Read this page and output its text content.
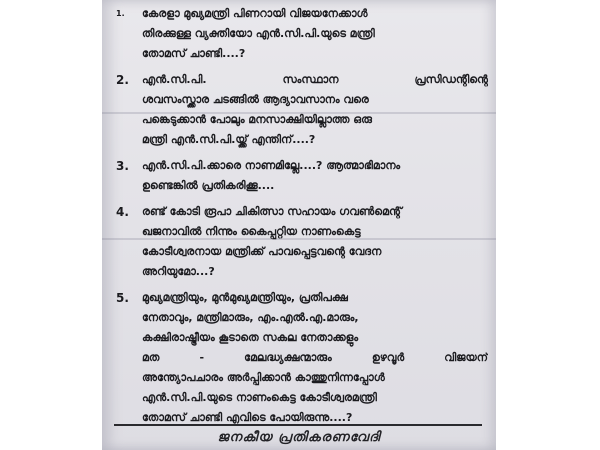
1.	കേരളാ മുഖ്യമന്ത്രി പിണറായി വിജയനേക്കാൾ
തിരക്കുള്ള വ്യക്തിയോ എൻ.സി.പി.യുടെ മന്ത്രി
തോമസ് ചാണ്ടി....?
2.	എൻ.സി.പി. സംസ്ഥാന പ്രസിഡന്റിന്റെ
ശവസംസ്ക്കാര ചടങ്ങിൽ ആദ്യാവസാനം വരെ
പങ്കെടുക്കാൻ പോലും മനസാക്ഷിയില്ലാത്ത ഒരു
മന്ത്രി എൻ.സി.പി.യ്ക്ക് എന്തിന്....?
3.	എൻ.സി.പി.ക്കാരെ നാണമില്ലേ....? ആത്മാഭിമാനം
ഉണ്ടെങ്കിൽ പ്രതികരിക്കൂ....
4.	രണ്ട് കോടി രൂപാ ചികിത്സാ സഹായം ഗവൺമെന്റ്
ഖജനാവിൽ നിന്നും കൈപ്പറ്റിയ നാണംകെട്ട
കോടീശ്വരനായ മന്ത്രിക്ക് പാവപ്പെട്ടവന്റെ വേദന
അറിയുമോ...?
5.	മുഖ്യമന്ത്രിയും, മുൻമുഖ്യമന്ത്രിയും, പ്രതിപക്ഷ
നേതാവും, മന്ത്രിമാരും, എം.എൽ.എ.മാരും,
കക്ഷിരാഷ്ട്രീയം കൂടാതെ സകല നേതാക്കളും
മത - മേലദ്ധ്യക്ഷന്മാരും ഉഴവൂർ വിജയന്
അന്ത്യോപചാരം അർപ്പിക്കാൻ കാത്തുനിന്നപ്പോൾ
എൻ.സി.പി.യുടെ നാണംകെട്ട കോടീശ്വരമന്ത്രി
തോമസ് ചാണ്ടി എവിടെ പോയിരുന്നു....?
ജനകീയ പ്രതികരണവേദി
